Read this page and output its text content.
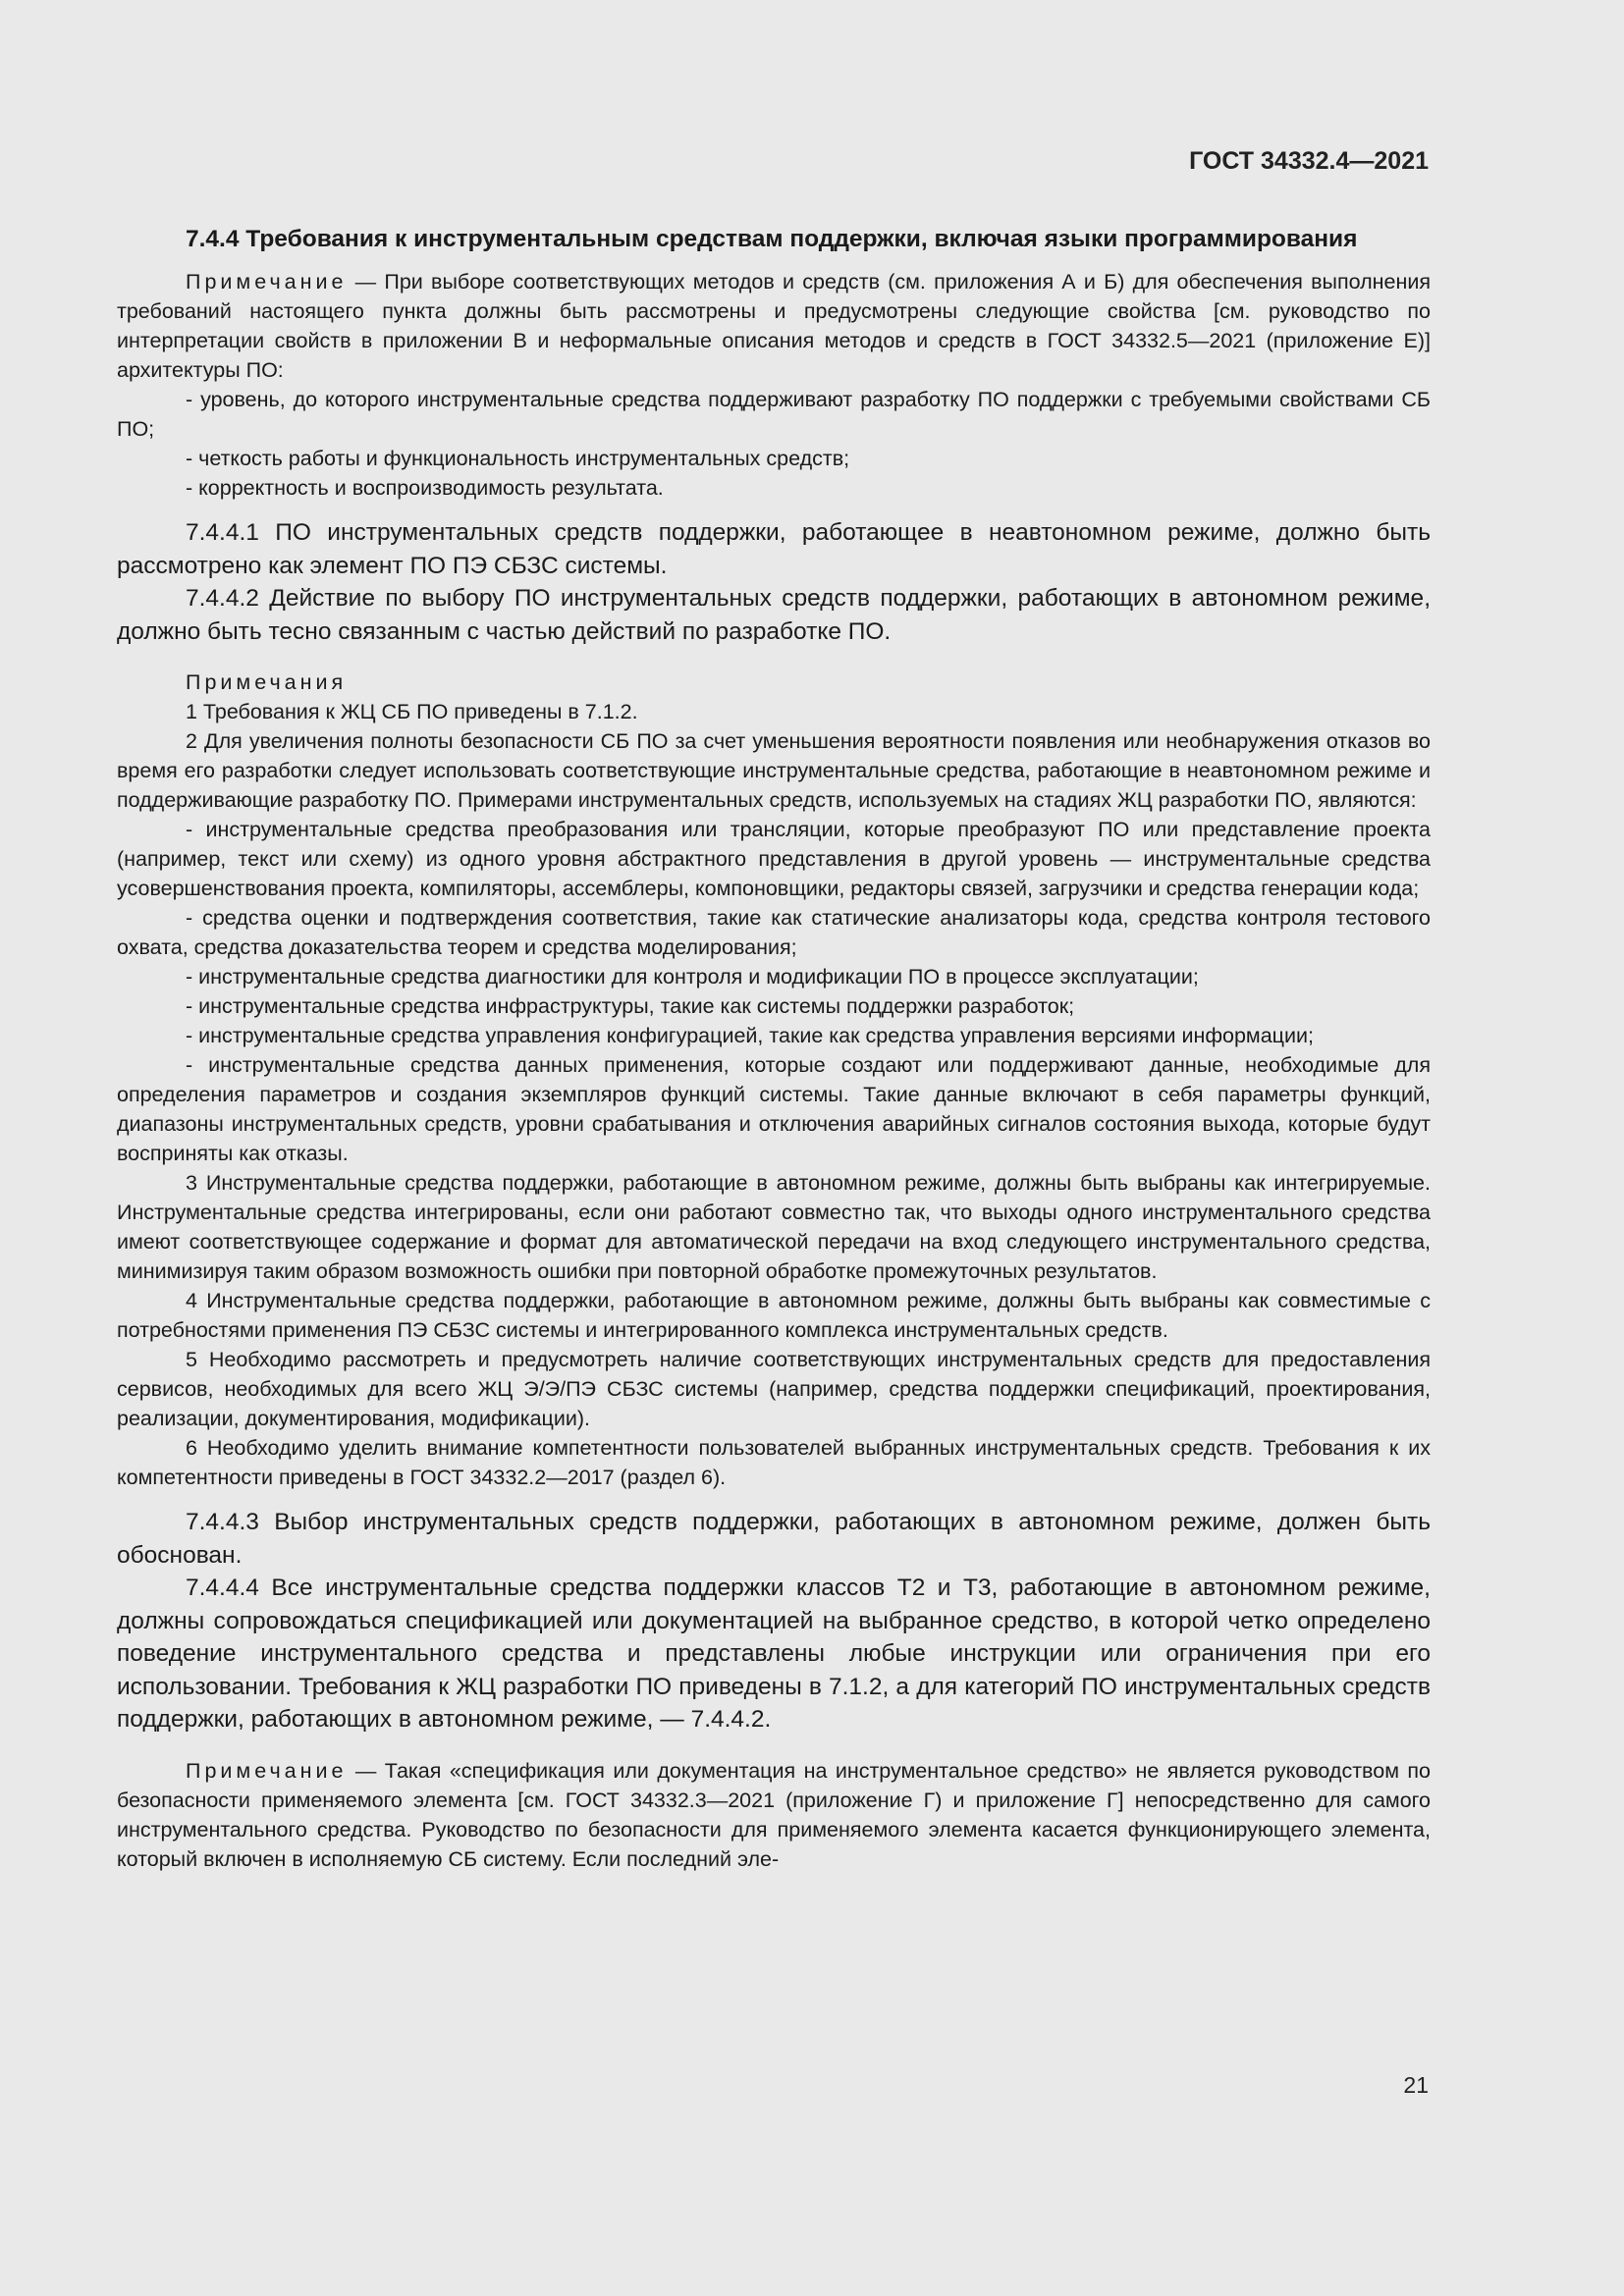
ГОСТ 34332.4—2021

7.4.4 Требования к инструментальным средствам поддержки, включая языки программирования

Примечание — При выборе соответствующих методов и средств (см. приложения А и Б) для обеспечения выполнения требований настоящего пункта должны быть рассмотрены и предусмотрены следующие свойства [см. руководство по интерпретации свойств в приложении В и неформальные описания методов и средств в ГОСТ 34332.5—2021 (приложение Е)] архитектуры ПО:

- уровень, до которого инструментальные средства поддерживают разработку ПО поддержки с требуемыми свойствами СБ ПО;

- четкость работы и функциональность инструментальных средств;

- корректность и воспроизводимость результата.

7.4.4.1 ПО инструментальных средств поддержки, работающее в неавтономном режиме, должно быть рассмотрено как элемент ПО ПЭ СБЗС системы.

7.4.4.2 Действие по выбору ПО инструментальных средств поддержки, работающих в автономном режиме, должно быть тесно связанным с частью действий по разработке ПО.

Примечания

1 Требования к ЖЦ СБ ПО приведены в 7.1.2.

2 Для увеличения полноты безопасности СБ ПО за счет уменьшения вероятности появления или необнаружения отказов во время его разработки следует использовать соответствующие инструментальные средства, работающие в неавтономном режиме и поддерживающие разработку ПО. Примерами инструментальных средств, используемых на стадиях ЖЦ разработки ПО, являются:

- инструментальные средства преобразования или трансляции, которые преобразуют ПО или представление проекта (например, текст или схему) из одного уровня абстрактного представления в другой уровень — инструментальные средства усовершенствования проекта, компиляторы, ассемблеры, компоновщики, редакторы связей, загрузчики и средства генерации кода;

- средства оценки и подтверждения соответствия, такие как статические анализаторы кода, средства контроля тестового охвата, средства доказательства теорем и средства моделирования;

- инструментальные средства диагностики для контроля и модификации ПО в процессе эксплуатации;

- инструментальные средства инфраструктуры, такие как системы поддержки разработок;

- инструментальные средства управления конфигурацией, такие как средства управления версиями информации;

- инструментальные средства данных применения, которые создают или поддерживают данные, необходимые для определения параметров и создания экземпляров функций системы. Такие данные включают в себя параметры функций, диапазоны инструментальных средств, уровни срабатывания и отключения аварийных сигналов состояния выхода, которые будут восприняты как отказы.

3 Инструментальные средства поддержки, работающие в автономном режиме, должны быть выбраны как интегрируемые. Инструментальные средства интегрированы, если они работают совместно так, что выходы одного инструментального средства имеют соответствующее содержание и формат для автоматической передачи на вход следующего инструментального средства, минимизируя таким образом возможность ошибки при повторной обработке промежуточных результатов.

4 Инструментальные средства поддержки, работающие в автономном режиме, должны быть выбраны как совместимые с потребностями применения ПЭ СБЗС системы и интегрированного комплекса инструментальных средств.

5 Необходимо рассмотреть и предусмотреть наличие соответствующих инструментальных средств для предоставления сервисов, необходимых для всего ЖЦ Э/Э/ПЭ СБЗС системы (например, средства поддержки спецификаций, проектирования, реализации, документирования, модификации).

6 Необходимо уделить внимание компетентности пользователей выбранных инструментальных средств. Требования к их компетентности приведены в ГОСТ 34332.2—2017 (раздел 6).

7.4.4.3 Выбор инструментальных средств поддержки, работающих в автономном режиме, должен быть обоснован.

7.4.4.4 Все инструментальные средства поддержки классов Т2 и Т3, работающие в автономном режиме, должны сопровождаться спецификацией или документацией на выбранное средство, в которой четко определено поведение инструментального средства и представлены любые инструкции или ограничения при его использовании. Требования к ЖЦ разработки ПО приведены в 7.1.2, а для категорий ПО инструментальных средств поддержки, работающих в автономном режиме, — 7.4.4.2.

Примечание — Такая «спецификация или документация на инструментальное средство» не является руководством по безопасности применяемого элемента [см. ГОСТ 34332.3—2021 (приложение Г) и приложение Г] непосредственно для самого инструментального средства. Руководство по безопасности для применяемого элемента касается функционирующего элемента, который включен в исполняемую СБ систему. Если последний эле-

21
